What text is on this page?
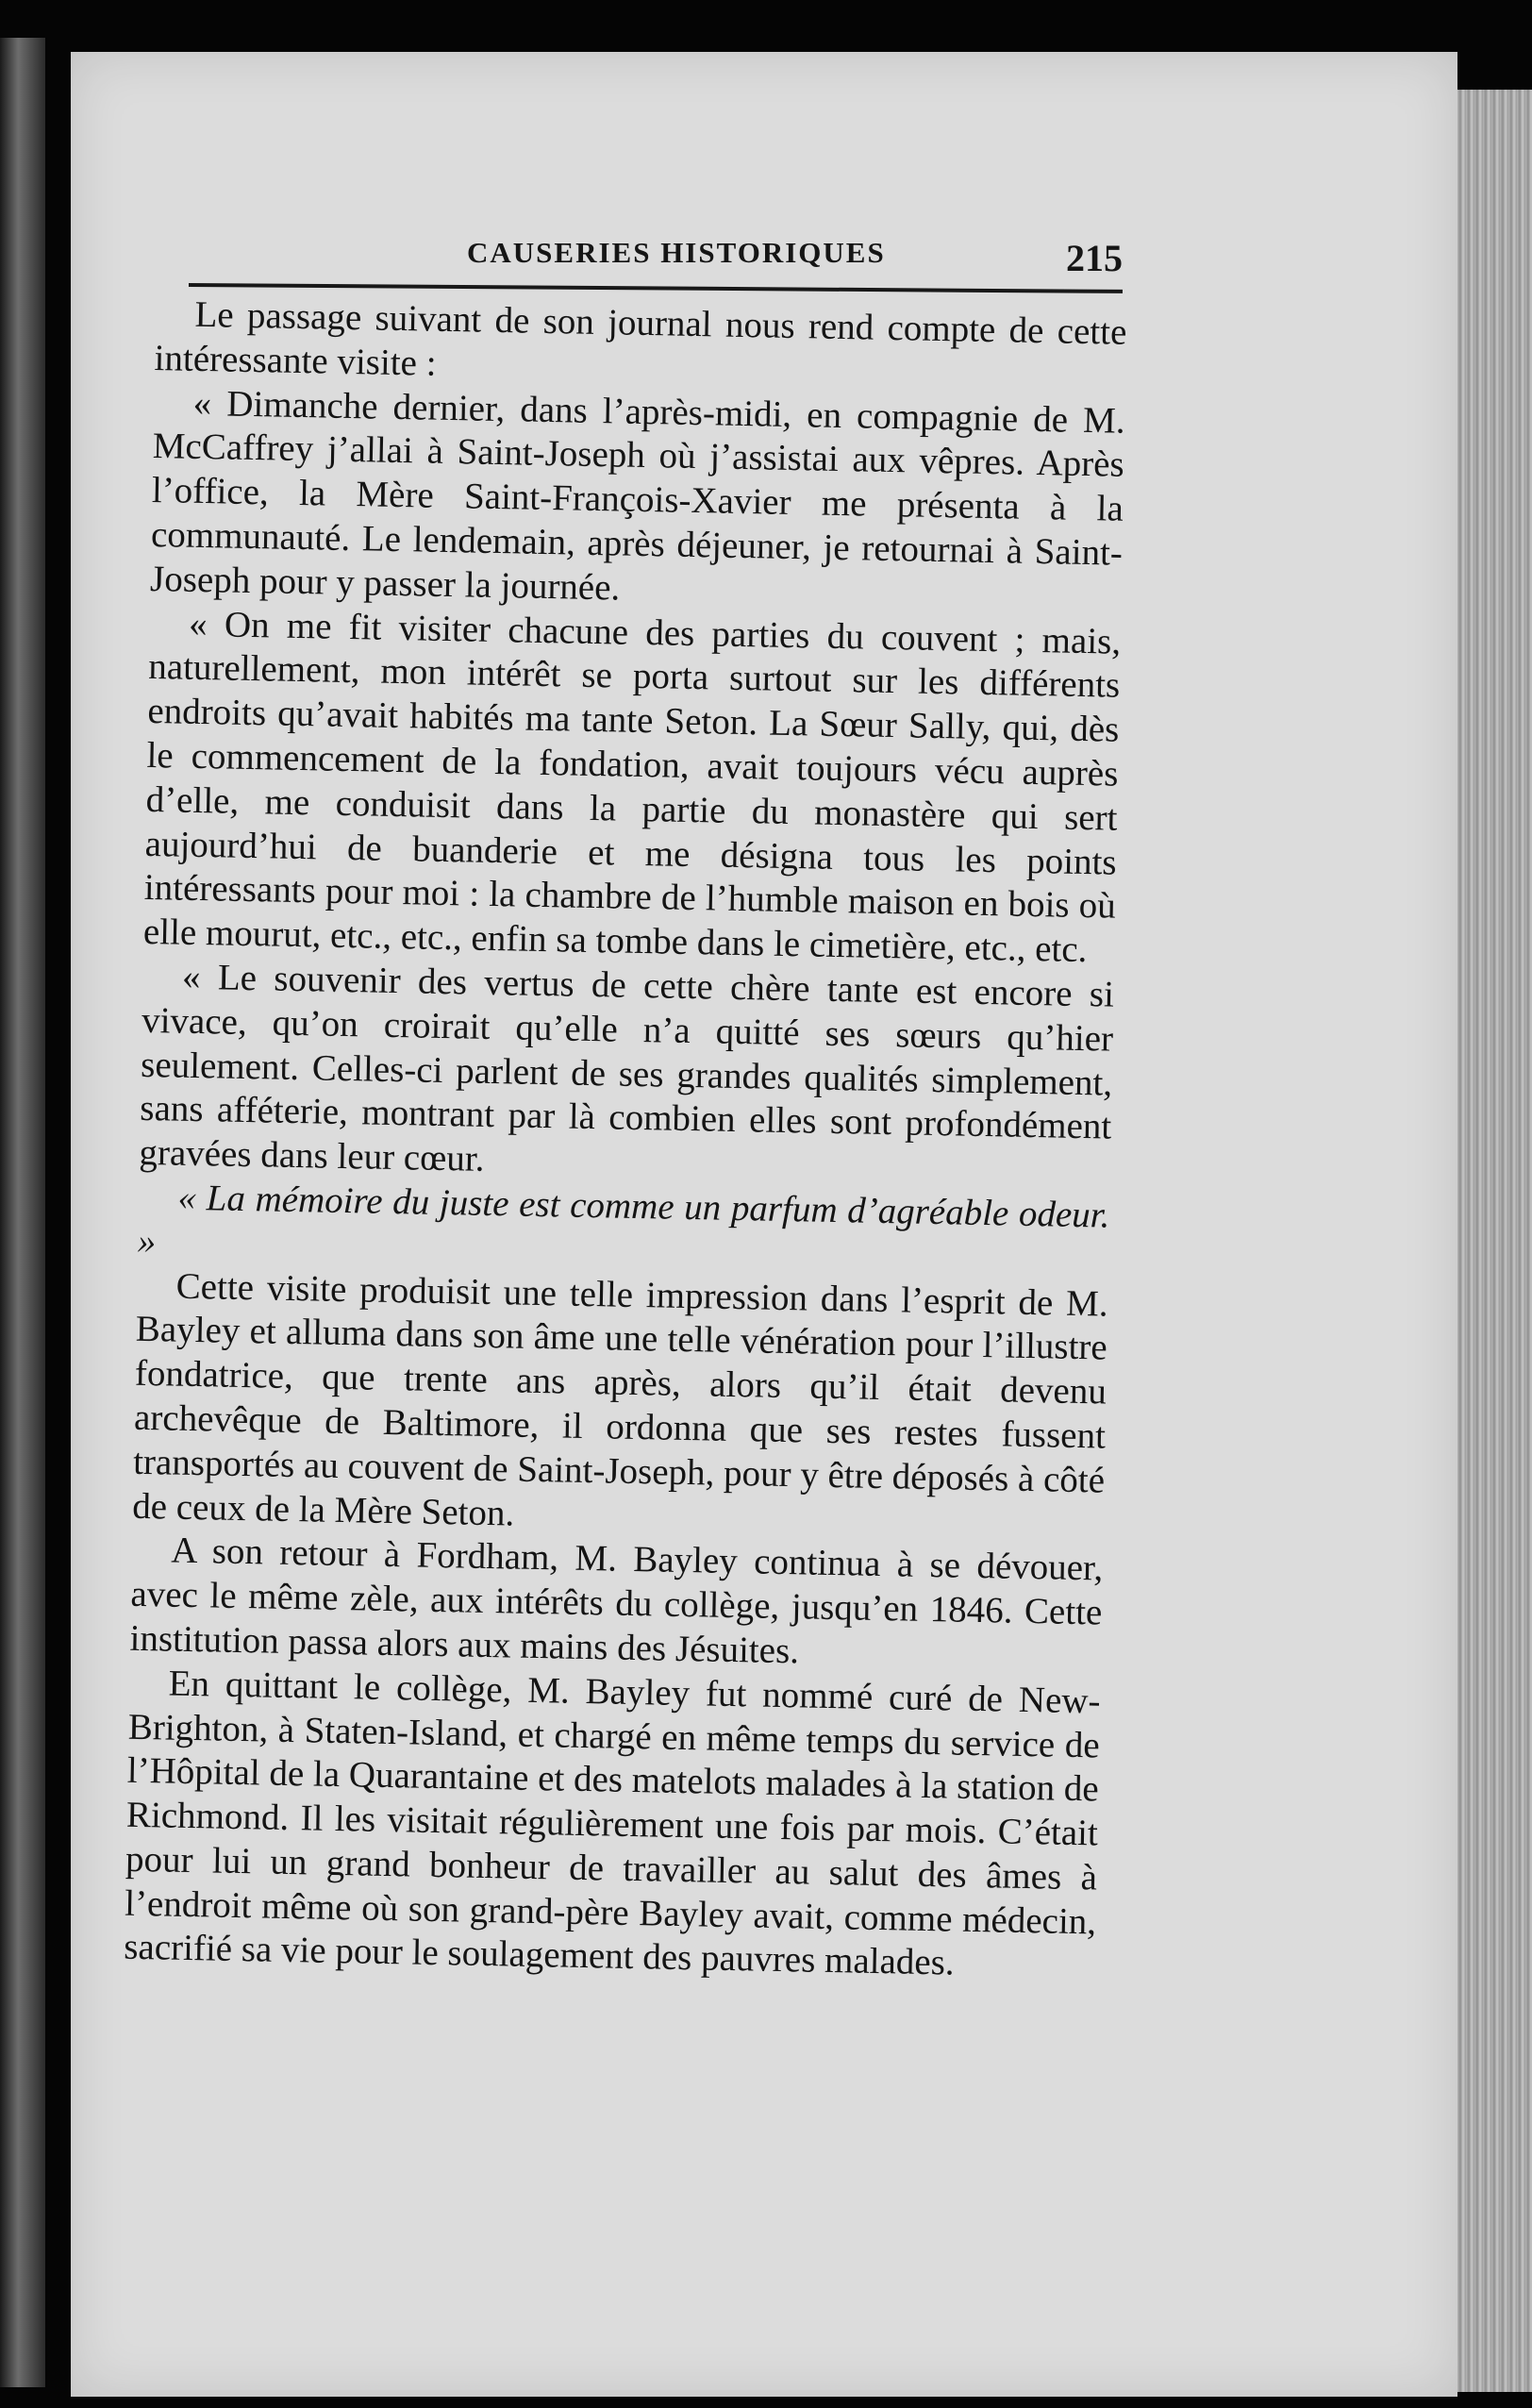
CAUSERIES HISTORIQUES	215

Le passage suivant de son journal nous rend compte de cette intéressante visite :

« Dimanche dernier, dans l’après-midi, en compagnie de M. McCaffrey j’allai à Saint-Joseph où j’assistai aux vêpres. Après l’office, la Mère Saint-François-Xavier me présenta à la communauté. Le lendemain, après déjeuner, je retournai à Saint-Joseph pour y passer la journée.

« On me fit visiter chacune des parties du couvent ; mais, naturellement, mon intérêt se porta surtout sur les différents endroits qu’avait habités ma tante Seton. La Sœur Sally, qui, dès le commencement de la fondation, avait toujours vécu auprès d’elle, me conduisit dans la partie du monastère qui sert aujourd’hui de buanderie et me désigna tous les points intéressants pour moi : la chambre de l’humble maison en bois où elle mourut, etc., etc., enfin sa tombe dans le cimetière, etc., etc.

« Le souvenir des vertus de cette chère tante est encore si vivace, qu’on croirait qu’elle n’a quitté ses sœurs qu’hier seulement. Celles-ci parlent de ses grandes qualités simplement, sans afféterie, montrant par là combien elles sont profondément gravées dans leur cœur.

« La mémoire du juste est comme un parfum d’agréable odeur. »

Cette visite produisit une telle impression dans l’esprit de M. Bayley et alluma dans son âme une telle vénération pour l’illustre fondatrice, que trente ans après, alors qu’il était devenu archevêque de Baltimore, il ordonna que ses restes fussent transportés au couvent de Saint-Joseph, pour y être déposés à côté de ceux de la Mère Seton.

A son retour à Fordham, M. Bayley continua à se dévouer, avec le même zèle, aux intérêts du collège, jusqu’en 1846. Cette institution passa alors aux mains des Jésuites.

En quittant le collège, M. Bayley fut nommé curé de New-Brighton, à Staten-Island, et chargé en même temps du service de l’Hôpital de la Quarantaine et des matelots malades à la station de Richmond. Il les visitait régulièrement une fois par mois. C’était pour lui un grand bonheur de travailler au salut des âmes à l’endroit même où son grand-père Bayley avait, comme médecin, sacrifié sa vie pour le soulagement des pauvres malades.
